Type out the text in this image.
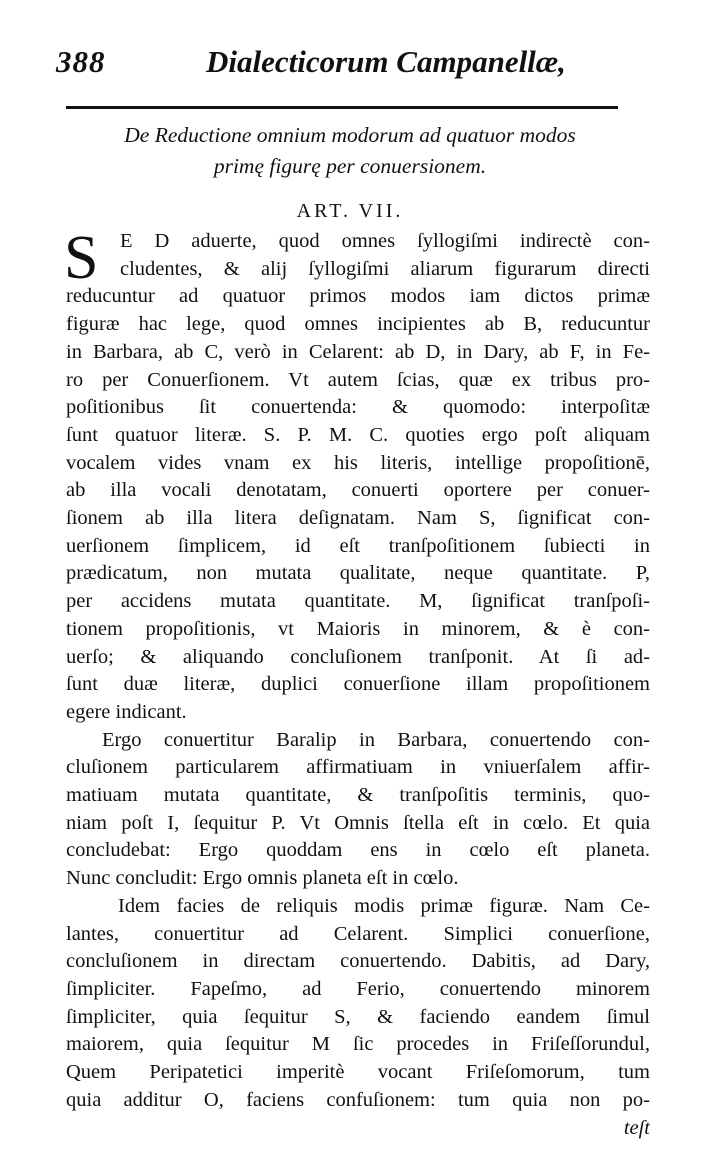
388	Dialecticorum Campanellæ,
De Reductione omnium modorum ad quatuor modos
primę figurę per conuersionem.
ART. VII.
S	E D aduerte, quod omnes ſyllogiſmi indirectè con-
cludentes, & alij ſyllogiſmi aliarum figurarum directi
reducuntur ad quatuor primos modos iam dictos primæ
figuræ hac lege, quod omnes incipientes ab B, reducuntur
in Barbara, ab C, verò in Celarent: ab D, in Dary, ab F, in Fe-
ro per Conuerſionem. Vt autem ſcias, quæ ex tribus pro-
poſitionibus ſit conuertenda: & quomodo: interpoſitæ
ſunt quatuor literæ. S. P. M. C. quoties ergo poſt aliquam
vocalem vides vnam ex his literis, intellige propoſitionē,
ab illa vocali denotatam, conuerti oportere per conuer-
ſionem ab illa litera deſignatam. Nam S, ſignificat con-
uerſionem ſimplicem, id eſt tranſpoſitionem ſubiecti in
prædicatum, non mutata qualitate, neque quantitate. P,
per accidens mutata quantitate. M, ſignificat tranſpoſi-
tionem propoſitionis, vt Maioris in minorem, & è con-
uerſo; & aliquando concluſionem tranſponit. At ſi ad-
ſunt duæ literæ, duplici conuerſione illam propoſitionem
egere indicant.
Ergo conuertitur Baralip in Barbara, conuertendo con-
cluſionem particularem affirmatiuam in vniuerſalem affir-
matiuam mutata quantitate, & tranſpoſitis terminis, quo-
niam poſt I, ſequitur P. Vt Omnis ſtella eſt in cœlo. Et quia
concludebat: Ergo quoddam ens in cœlo eſt planeta.
Nunc concludit: Ergo omnis planeta eſt in cœlo.
Idem facies de reliquis modis primæ figuræ. Nam Ce-
lantes, conuertitur ad Celarent. Simplici conuerſione,
concluſionem in directam conuertendo. Dabitis, ad Dary,
ſimpliciter. Fapeſmo, ad Ferio, conuertendo minorem
ſimpliciter, quia ſequitur S, & faciendo eandem ſimul
maiorem, quia ſequitur M ſic procedes in Friſeſſorundul,
Quem Peripatetici imperitè vocant Friſeſomorum, tum
quia additur O, faciens confuſionem: tum quia non po-
teſt
